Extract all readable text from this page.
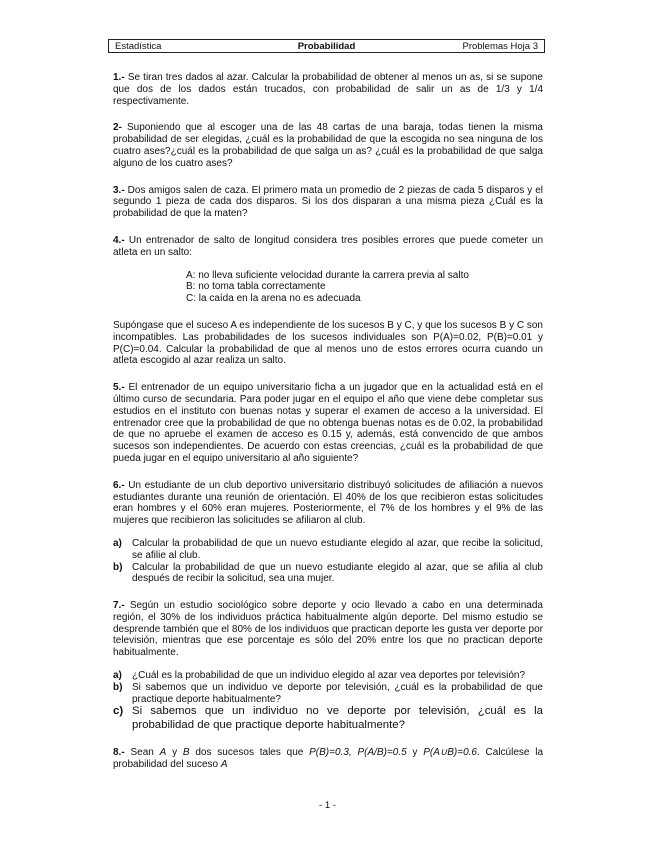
Estadística	Probabilidad	Problemas Hoja 3

1.- Se tiran tres dados al azar. Calcular la probabilidad de obtener al menos un as, si se supone que dos de los dados están trucados, con probabilidad de salir un as de 1/3 y 1/4 respectivamente.

2- Suponiendo que al escoger una de las 48 cartas de una baraja, todas tienen la misma probabilidad de ser elegidas, ¿cuál es la probabilidad de que la escogida no sea ninguna de los cuatro ases?¿cuál es la probabilidad de que salga un as? ¿cuál es la probabilidad de que salga alguno de los cuatro ases?

3.- Dos amigos salen de caza. El primero mata un promedio de 2 piezas de cada 5 disparos y el segundo 1 pieza de cada dos disparos. Si los dos disparan a una misma pieza ¿Cuál es la probabilidad de que la maten?

4.- Un entrenador de salto de longitud considera tres posibles errores que puede cometer un atleta en un salto:

A: no lleva suficiente velocidad durante la carrera previa al salto
B: no toma tabla correctamente
C: la caída en la arena no es adecuada

Supóngase que el suceso A es independiente de los sucesos B y C, y que los sucesos B y C son incompatibles. Las probabilidades de los sucesos individuales son P(A)=0.02, P(B)=0.01 y P(C)=0.04. Calcular la probabilidad de que al menos uno de estos errores ocurra cuando un atleta escogido al azar realiza un salto.

5.- El entrenador de un equipo universitario ficha a un jugador que en la actualidad está en el último curso de secundaria. Para poder jugar en el equipo el año que viene debe completar sus estudios en el instituto con buenas notas y superar el examen de acceso a la universidad. El entrenador cree que la probabilidad de que no obtenga buenas notas es de 0.02, la probabilidad de que no apruebe el examen de acceso es 0.15 y, además, está convencido de que ambos sucesos son independientes. De acuerdo con estas creencias, ¿cuál es la probabilidad de que pueda jugar en el equipo universitario al año siguiente?

6.- Un estudiante de un club deportivo universitario distribuyó solicitudes de afiliación a nuevos estudiantes durante una reunión de orientación. El 40% de los que recibieron estas solicitudes eran hombres y el 60% eran mujeres. Posteriormente, el 7% de los hombres y el 9% de las mujeres que recibieron las solicitudes se afiliaron al club.

a)	Calcular la probabilidad de que un nuevo estudiante elegido al azar, que recibe la solicitud, se afilie al club.
b) Calcular la probabilidad de que un nuevo estudiante elegido al azar, que se afilia al club después de recibir la solicitud, sea una mujer.

7.- Según un estudio sociológico sobre deporte y ocio llevado a cabo en una determinada región, el 30% de los individuos práctica habitualmente algún deporte. Del mismo estudio se desprende también que el 80% de los individuos que practican deporte les gusta ver deporte por televisión, mientras que ese porcentaje es sólo del 20% entre los que no practican deporte habitualmente.

a)	¿Cuál es la probabilidad de que un individuo elegido al azar vea deportes por televisión?
b) Si sabemos que un individuo ve deporte por televisión, ¿cuál es la probabilidad de que practique deporte habitualmente?
c) Si sabemos que un individuo no ve deporte por televisión, ¿cuál es la probabilidad de que practique deporte habitualmente?

8.- Sean A y B dos sucesos tales que P(B)=0.3, P(A/B)=0.5 y P(A∪B)=0.6. Calcúlese la probabilidad del suceso A

- 1 -
